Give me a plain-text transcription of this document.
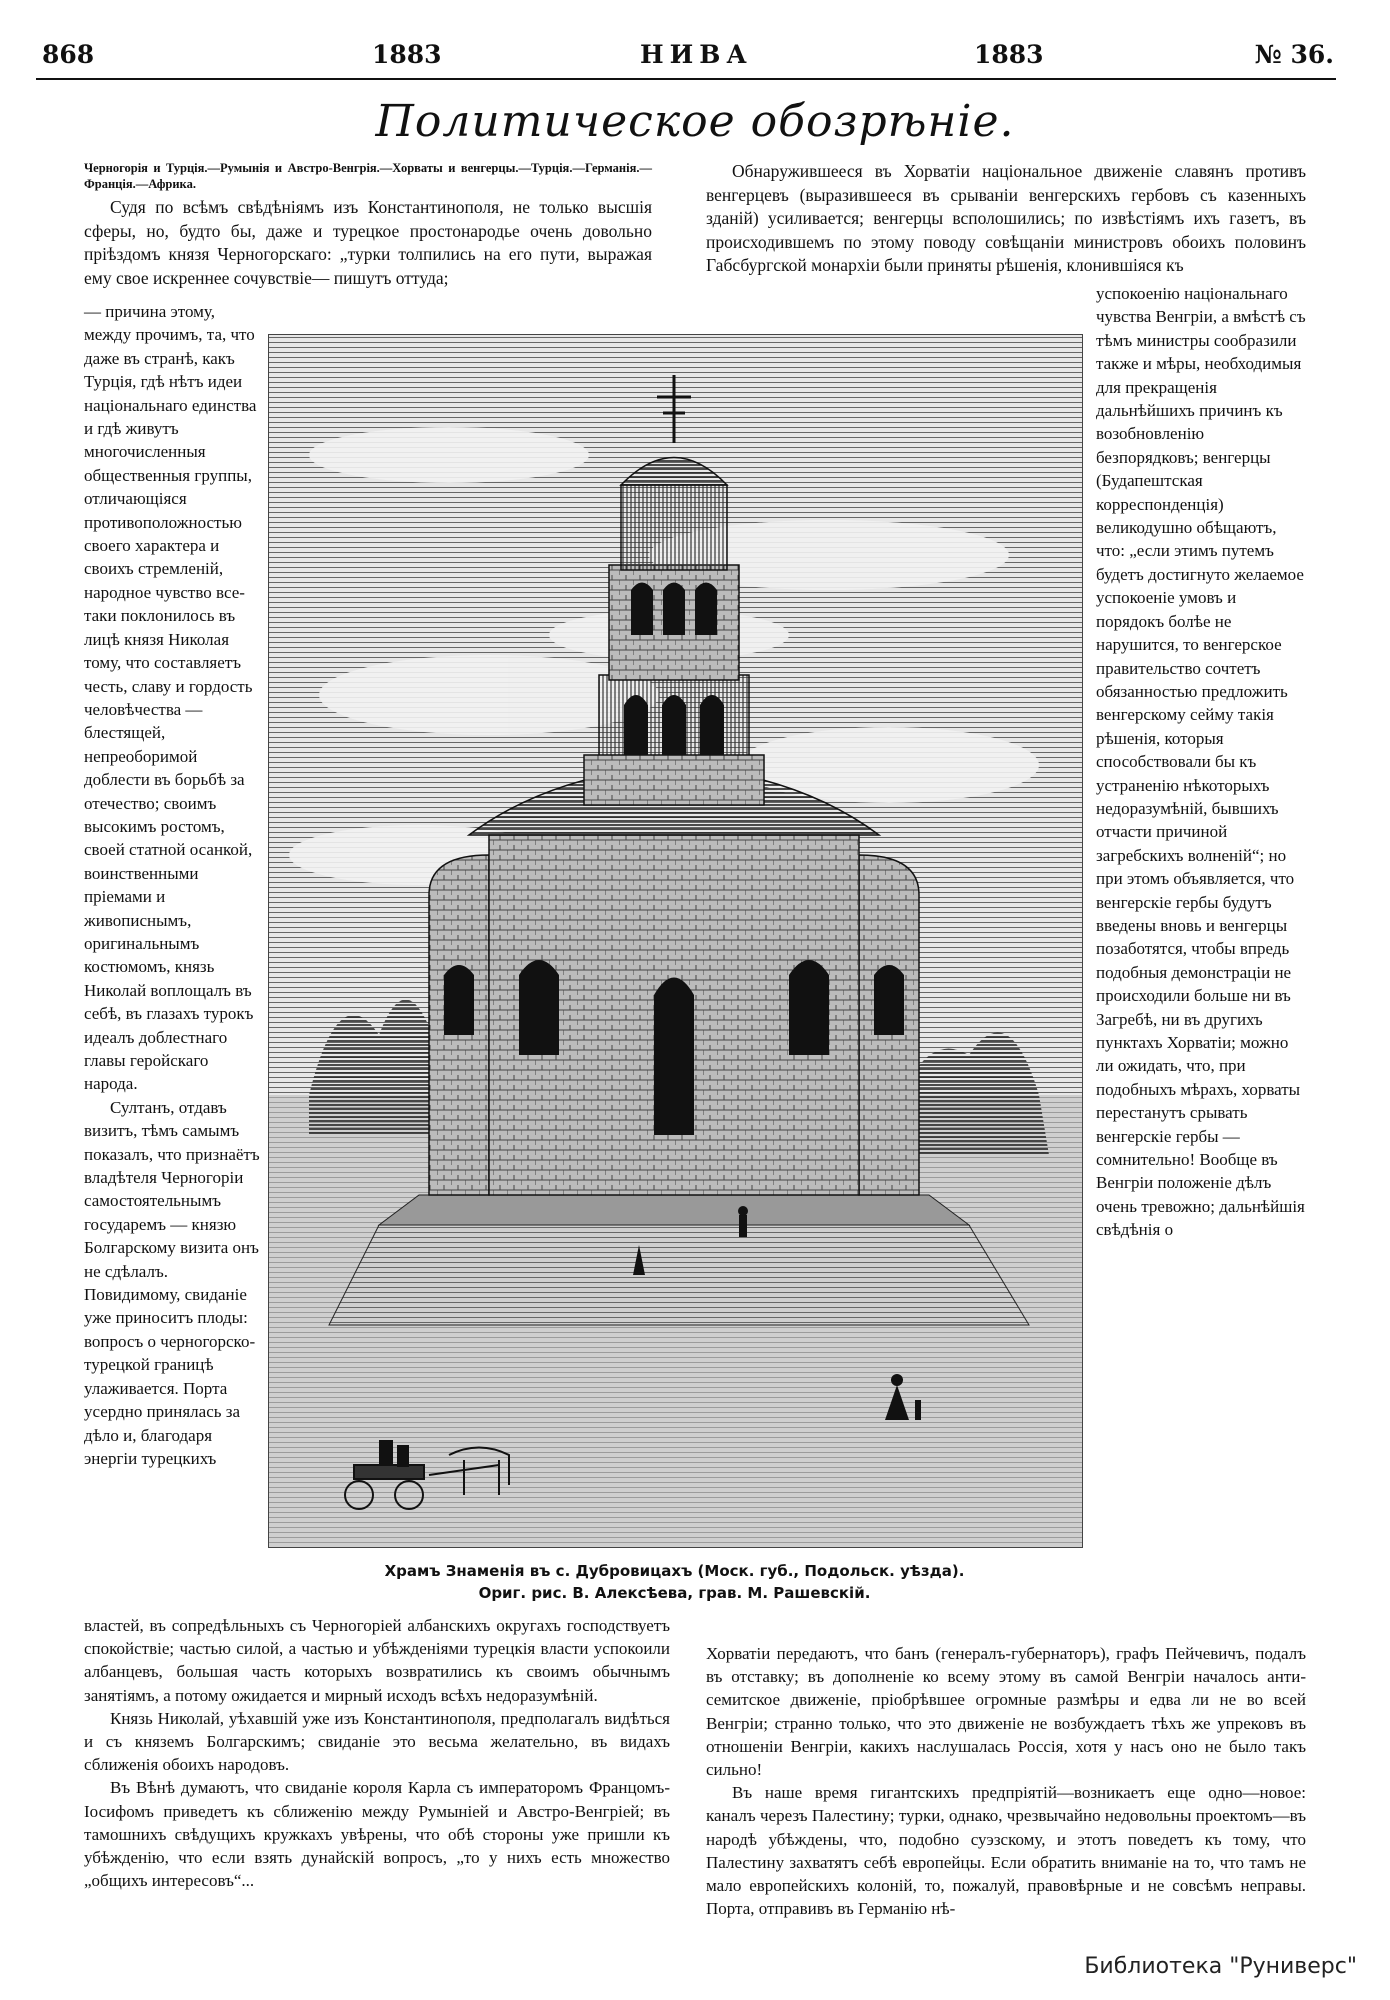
868	1883	НИВА	1883	№ 36.
Политическое обозрѣніе.

Черногорія и Турція.—Румынія и Австро-Венгрія.—Хорваты и венгерцы.—Турція.—Германія.—Франція.—Африка.

Судя по всѣмъ свѣдѣніямъ изъ Константинополя, не только высшія сферы, но, будто бы, даже и турецкое простонародье очень довольно пріѣздомъ князя Черногорскаго: „турки толпились на его пути, выражая ему свое искреннее сочувствіе— пишутъ оттуда;

— причина этому, между прочимъ, та, что даже въ странѣ, какъ Турція, гдѣ нѣтъ идеи національнаго единства и гдѣ живутъ многочисленныя общественныя группы, отличающіяся противоположностью своего характера и своихъ стремленій, народное чувство все-таки поклонилось въ лицѣ князя Николая тому, что составляетъ честь, славу и гордость человѣчества — блестящей, непреоборимой доблести въ борьбѣ за отечество; своимъ высокимъ ростомъ, своей статной осанкой, воинственными пріемами и живописнымъ, оригинальнымъ костюмомъ, князь Николай воплощалъ въ себѣ, въ глазахъ турокъ идеалъ доблестнаго главы геройскаго народа.

Султанъ, отдавъ визитъ, тѣмъ самымъ показалъ, что признаётъ владѣтеля Черногоріи самостоятельнымъ государемъ — князю Болгарскому визита онъ не сдѣлалъ. Повидимому, свиданіе уже приноситъ плоды: вопросъ о черногорско-турецкой границѣ улаживается. Порта усердно принялась за дѣло и, благодаря энергіи турецкихъ

властей, въ сопредѣльныхъ съ Черногоріей албанскихъ округахъ господствуетъ спокойствіе; частью силой, а частью и убѣжденіями турецкія власти успокоили албанцевъ, большая часть которыхъ возвратились къ своимъ обычнымъ занятіямъ, а потому ожидается и мирный исходъ всѣхъ недоразумѣній.

Князь Николай, уѣхавшій уже изъ Константинополя, предполагалъ видѣться и съ княземъ Болгарскимъ; свиданіе это весьма желательно, въ видахъ сближенія обоихъ народовъ.

Въ Вѣнѣ думаютъ, что свиданіе короля Карла съ императоромъ Францомъ-Іосифомъ приведетъ къ сближенію между Румыніей и Австро-Венгріей; въ тамошнихъ свѣдущихъ кружкахъ увѣрены, что обѣ стороны уже пришли къ убѣжденію, что если взять дунайскій вопросъ, „то у нихъ есть множество „общихъ интересовъ“...

Обнаружившееся въ Хорватіи національное движеніе славянъ противъ венгерцевъ (выразившееся въ срываніи венгерскихъ гербовъ съ казенныхъ зданій) усиливается; венгерцы всполошились; по извѣстіямъ ихъ газетъ, въ происходившемъ по этому поводу совѣщаніи министровъ обоихъ половинъ Габсбургской монархіи были приняты рѣшенія, клонившіяся къ

успокоенію національнаго чувства Венгріи, а вмѣстѣ съ тѣмъ министры сообразили также и мѣры, необходимыя для прекращенія дальнѣйшихъ причинъ къ возобновленію безпорядковъ; венгерцы (Будапештская корреспонденція) великодушно обѣщаютъ, что: „если этимъ путемъ будетъ достигнуто желаемое успокоеніе умовъ и порядокъ болѣе не нарушится, то венгерское правительство сочтетъ обязанностью предложить венгерскому сейму такія рѣшенія, которыя способствовали бы къ устраненію нѣкоторыхъ недоразумѣній, бывшихъ отчасти причиной загребскихъ волненій“; но при этомъ объявляется, что венгерскіе гербы будутъ введены вновь и венгерцы позаботятся, чтобы впредь подобныя демонстраціи не происходили больше ни въ Загребѣ, ни въ другихъ пунктахъ Хорватіи; можно ли ожидать, что, при подобныхъ мѣрахъ, хорваты перестанутъ срывать венгерскіе гербы — сомнительно! Вообще въ Венгріи положеніе дѣлъ очень тревожно; дальнѣйшія свѣдѣнія о

Хорватіи передаютъ, что банъ (генералъ-губернаторъ), графъ Пейчевичъ, подалъ въ отставку; въ дополненіе ко всему этому въ самой Венгріи началось анти-семитское движеніе, пріобрѣвшее огромные размѣры и едва ли не во всей Венгріи; странно только, что это движеніе не возбуждаетъ тѣхъ же упрековъ въ отношеніи Венгріи, какихъ наслушалась Россія, хотя у насъ оно не было такъ сильно!

Въ наше время гигантскихъ предпріятій—возникаетъ еще одно—новое: каналъ черезъ Палестину; турки, однако, чрезвычайно недовольны проектомъ—въ народѣ убѣждены, что, подобно суэзскому, и этотъ поведетъ къ тому, что Палестину захватятъ себѣ европейцы. Если обратить вниманіе на то, что тамъ не мало европейскихъ колоній, то, пожалуй, правовѣрные и не совсѣмъ неправы. Порта, отправивъ въ Германію нѣ-

Храмъ Знаменія въ с. Дубровицахъ (Моск. губ., Подольск. уѣзда).
Ориг. рис. В. Алексѣева, грав. М. Рашевскій.
Библиотека "Руниверс"
